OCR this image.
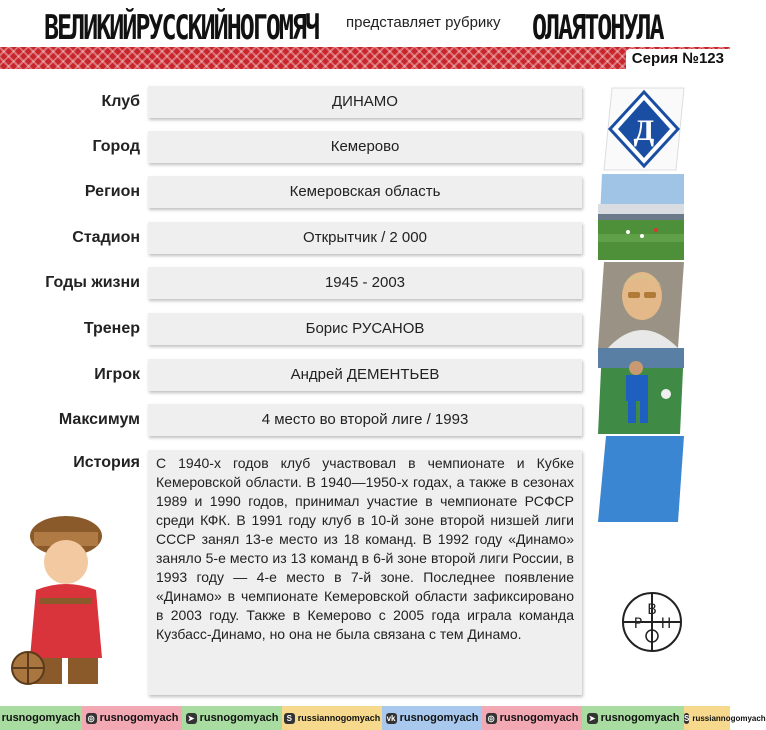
ВЕЛИКИЙРУССКИЙНОГОМЯЧ представляет рубрику ОЛАЯТОНУЛА
Серия №123
Клуб	ДИНАМО
Город	Кемерово
Регион	Кемеровская область
Стадион	Открытчик / 2 000
Годы жизни	1945 - 2003
Тренер	Борис РУСАНОВ
Игрок	Андрей ДЕМЕНТЬЕВ
Максимум	4 место во второй лиге / 1993
История С 1940-х годов клуб участвовал в чемпионате и Кубке Кемеровской области. В 1940—1950-х годах, а также в сезонах 1989 и 1990 годов, принимал участие в чемпионате РСФСР среди КФК. В 1991 году клуб в 10-й зоне второй низшей лиги СССР занял 13-е место из 18 команд. В 1992 году «Динамо» заняло 5-е место из 13 команд в 6-й зоне второй лиги России, в 1993 году — 4-е место в 7-й зоне. Последнее появление «Динамо» в чемпионате Кемеровской области зафиксировано в 2003 году. Также в Кемерово с 2005 года играла команда Кузбасс-Динамо, но она не была связана с тем Динамо.
Д
В
Р Н
rusnogomyach ◎ rusnogomyach ➤ rusnogomyach	S russiannogomyach vk rusnogomyach ◎ rusnogomyach ➤ rusnogomyach S russiannogomyach
